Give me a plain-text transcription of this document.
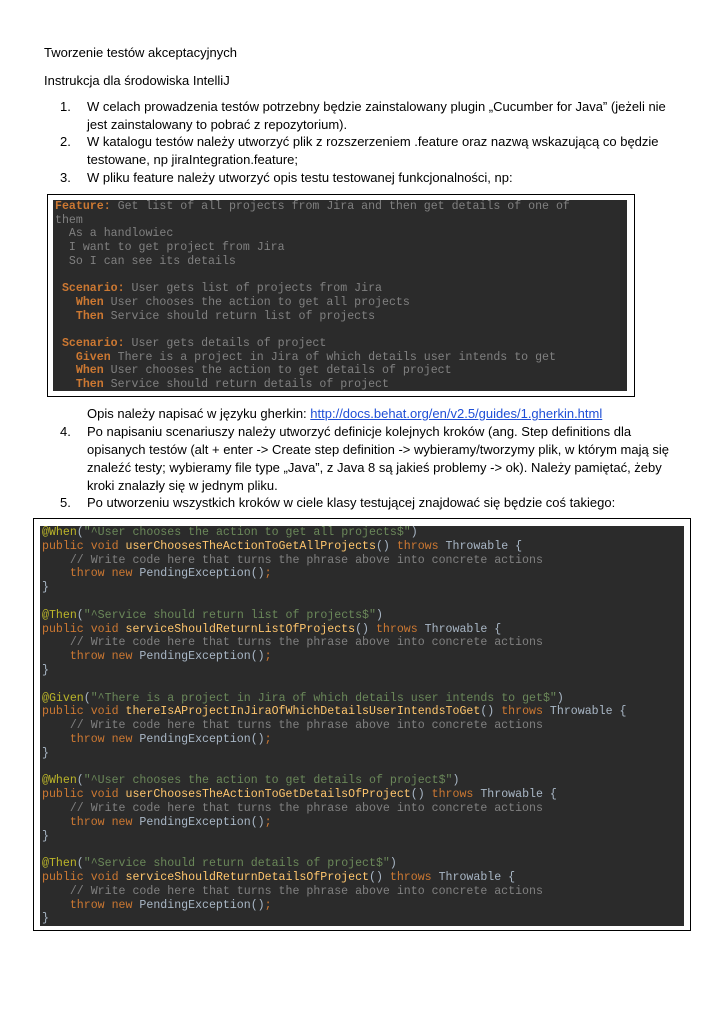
Tworzenie testów akceptacyjnych
Instrukcja dla środowiska IntelliJ
1.	W celach prowadzenia testów potrzebny będzie zainstalowany plugin „Cucumber for Java” (jeżeli nie jest zainstalowany to pobrać z repozytorium).
2.	W katalogu testów należy utworzyć plik z rozszerzeniem .feature oraz nazwą wskazującą co będzie testowane, np jiraIntegration.feature;
3.	W pliku feature należy utworzyć opis testu testowanej funkcjonalności, np:
Feature: Get list of all projects from Jira and then get details of one of
them
As a handlowiec
I want to get project from Jira
So I can see its details

Scenario: User gets list of projects from Jira
When User chooses the action to get all projects
Then Service should return list of projects

Scenario: User gets details of project
Given There is a project in Jira of which details user intends to get
When User chooses the action to get details of project
Then Service should return details of project
Opis należy napisać w języku gherkin: http://docs.behat.org/en/v2.5/guides/1.gherkin.html
4.	Po napisaniu scenariuszy należy utworzyć definicje kolejnych kroków (ang. Step definitions dla opisanych testów (alt + enter -> Create step definition -> wybieramy/tworzymy plik, w którym mają się znaleźć testy; wybieramy file type „Java”, z Java 8 są jakieś problemy -> ok). Należy pamiętać, żeby kroki znalazły się w jednym pliku.
5.	Po utworzeniu wszystkich kroków w ciele klasy testującej znajdować się będzie coś takiego:
@When("^User chooses the action to get all projects$")
public void userChoosesTheActionToGetAllProjects() throws Throwable {
// Write code here that turns the phrase above into concrete actions
throw new PendingException();
}

@Then("^Service should return list of projects$")
public void serviceShouldReturnListOfProjects() throws Throwable {
// Write code here that turns the phrase above into concrete actions
throw new PendingException();
}

@Given("^There is a project in Jira of which details user intends to get$")
public void thereIsAProjectInJiraOfWhichDetailsUserIntendsToGet() throws Throwable {
// Write code here that turns the phrase above into concrete actions
throw new PendingException();
}

@When("^User chooses the action to get details of project$")
public void userChoosesTheActionToGetDetailsOfProject() throws Throwable {
// Write code here that turns the phrase above into concrete actions
throw new PendingException();
}

@Then("^Service should return details of project$")
public void serviceShouldReturnDetailsOfProject() throws Throwable {
// Write code here that turns the phrase above into concrete actions
throw new PendingException();
}
